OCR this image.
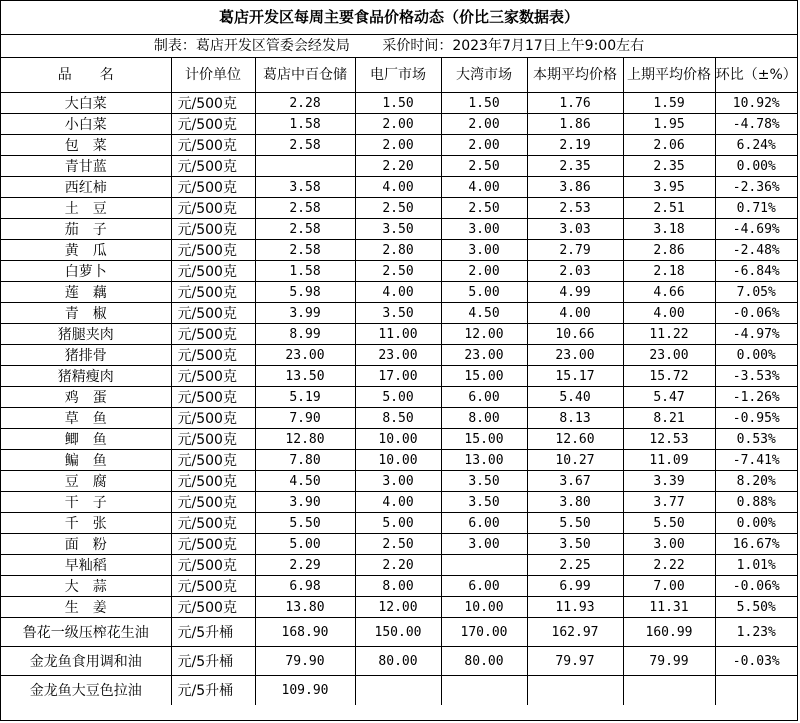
葛店开发区每周主要食品价格动态（价比三家数据表）
制表：葛店开发区管委会经发局 采价时间：2023年7月17日上午9:00左右
品　　名	计价单位	葛店中百仓储	电厂市场	大湾市场	本期平均价格	上期平均价格	环比（±%）
大白菜	元/500克	2.28	1.50	1.50	1.76	1.59	10.92%
小白菜	元/500克	1.58	2.00	2.00	1.86	1.95	-4.78%
包　菜	元/500克	2.58	2.00	2.00	2.19	2.06	6.24%
青甘蓝	元/500克		2.20	2.50	2.35	2.35	0.00%
西红柿	元/500克	3.58	4.00	4.00	3.86	3.95	-2.36%
土　豆	元/500克	2.58	2.50	2.50	2.53	2.51	0.71%
茄　子	元/500克	2.58	3.50	3.00	3.03	3.18	-4.69%
黄　瓜	元/500克	2.58	2.80	3.00	2.79	2.86	-2.48%
白萝卜	元/500克	1.58	2.50	2.00	2.03	2.18	-6.84%
莲　藕	元/500克	5.98	4.00	5.00	4.99	4.66	7.05%
青　椒	元/500克	3.99	3.50	4.50	4.00	4.00	-0.06%
猪腿夹肉	元/500克	8.99	11.00	12.00	10.66	11.22	-4.97%
猪排骨	元/500克	23.00	23.00	23.00	23.00	23.00	0.00%
猪精瘦肉	元/500克	13.50	17.00	15.00	15.17	15.72	-3.53%
鸡　蛋	元/500克	5.19	5.00	6.00	5.40	5.47	-1.26%
草　鱼	元/500克	7.90	8.50	8.00	8.13	8.21	-0.95%
鲫　鱼	元/500克	12.80	10.00	15.00	12.60	12.53	0.53%
鳊　鱼	元/500克	7.80	10.00	13.00	10.27	11.09	-7.41%
豆　腐	元/500克	4.50	3.00	3.50	3.67	3.39	8.20%
干　子	元/500克	3.90	4.00	3.50	3.80	3.77	0.88%
千　张	元/500克	5.50	5.00	6.00	5.50	5.50	0.00%
面　粉	元/500克	5.00	2.50	3.00	3.50	3.00	16.67%
早籼稻	元/500克	2.29	2.20		2.25	2.22	1.01%
大　蒜	元/500克	6.98	8.00	6.00	6.99	7.00	-0.06%
生　姜	元/500克	13.80	12.00	10.00	11.93	11.31	5.50%
鲁花一级压榨花生油	元/5升桶	168.90	150.00	170.00	162.97	160.99	1.23%
金龙鱼食用调和油	元/5升桶	79.90	80.00	80.00	79.97	79.99	-0.03%
金龙鱼大豆色拉油	元/5升桶	109.90					
